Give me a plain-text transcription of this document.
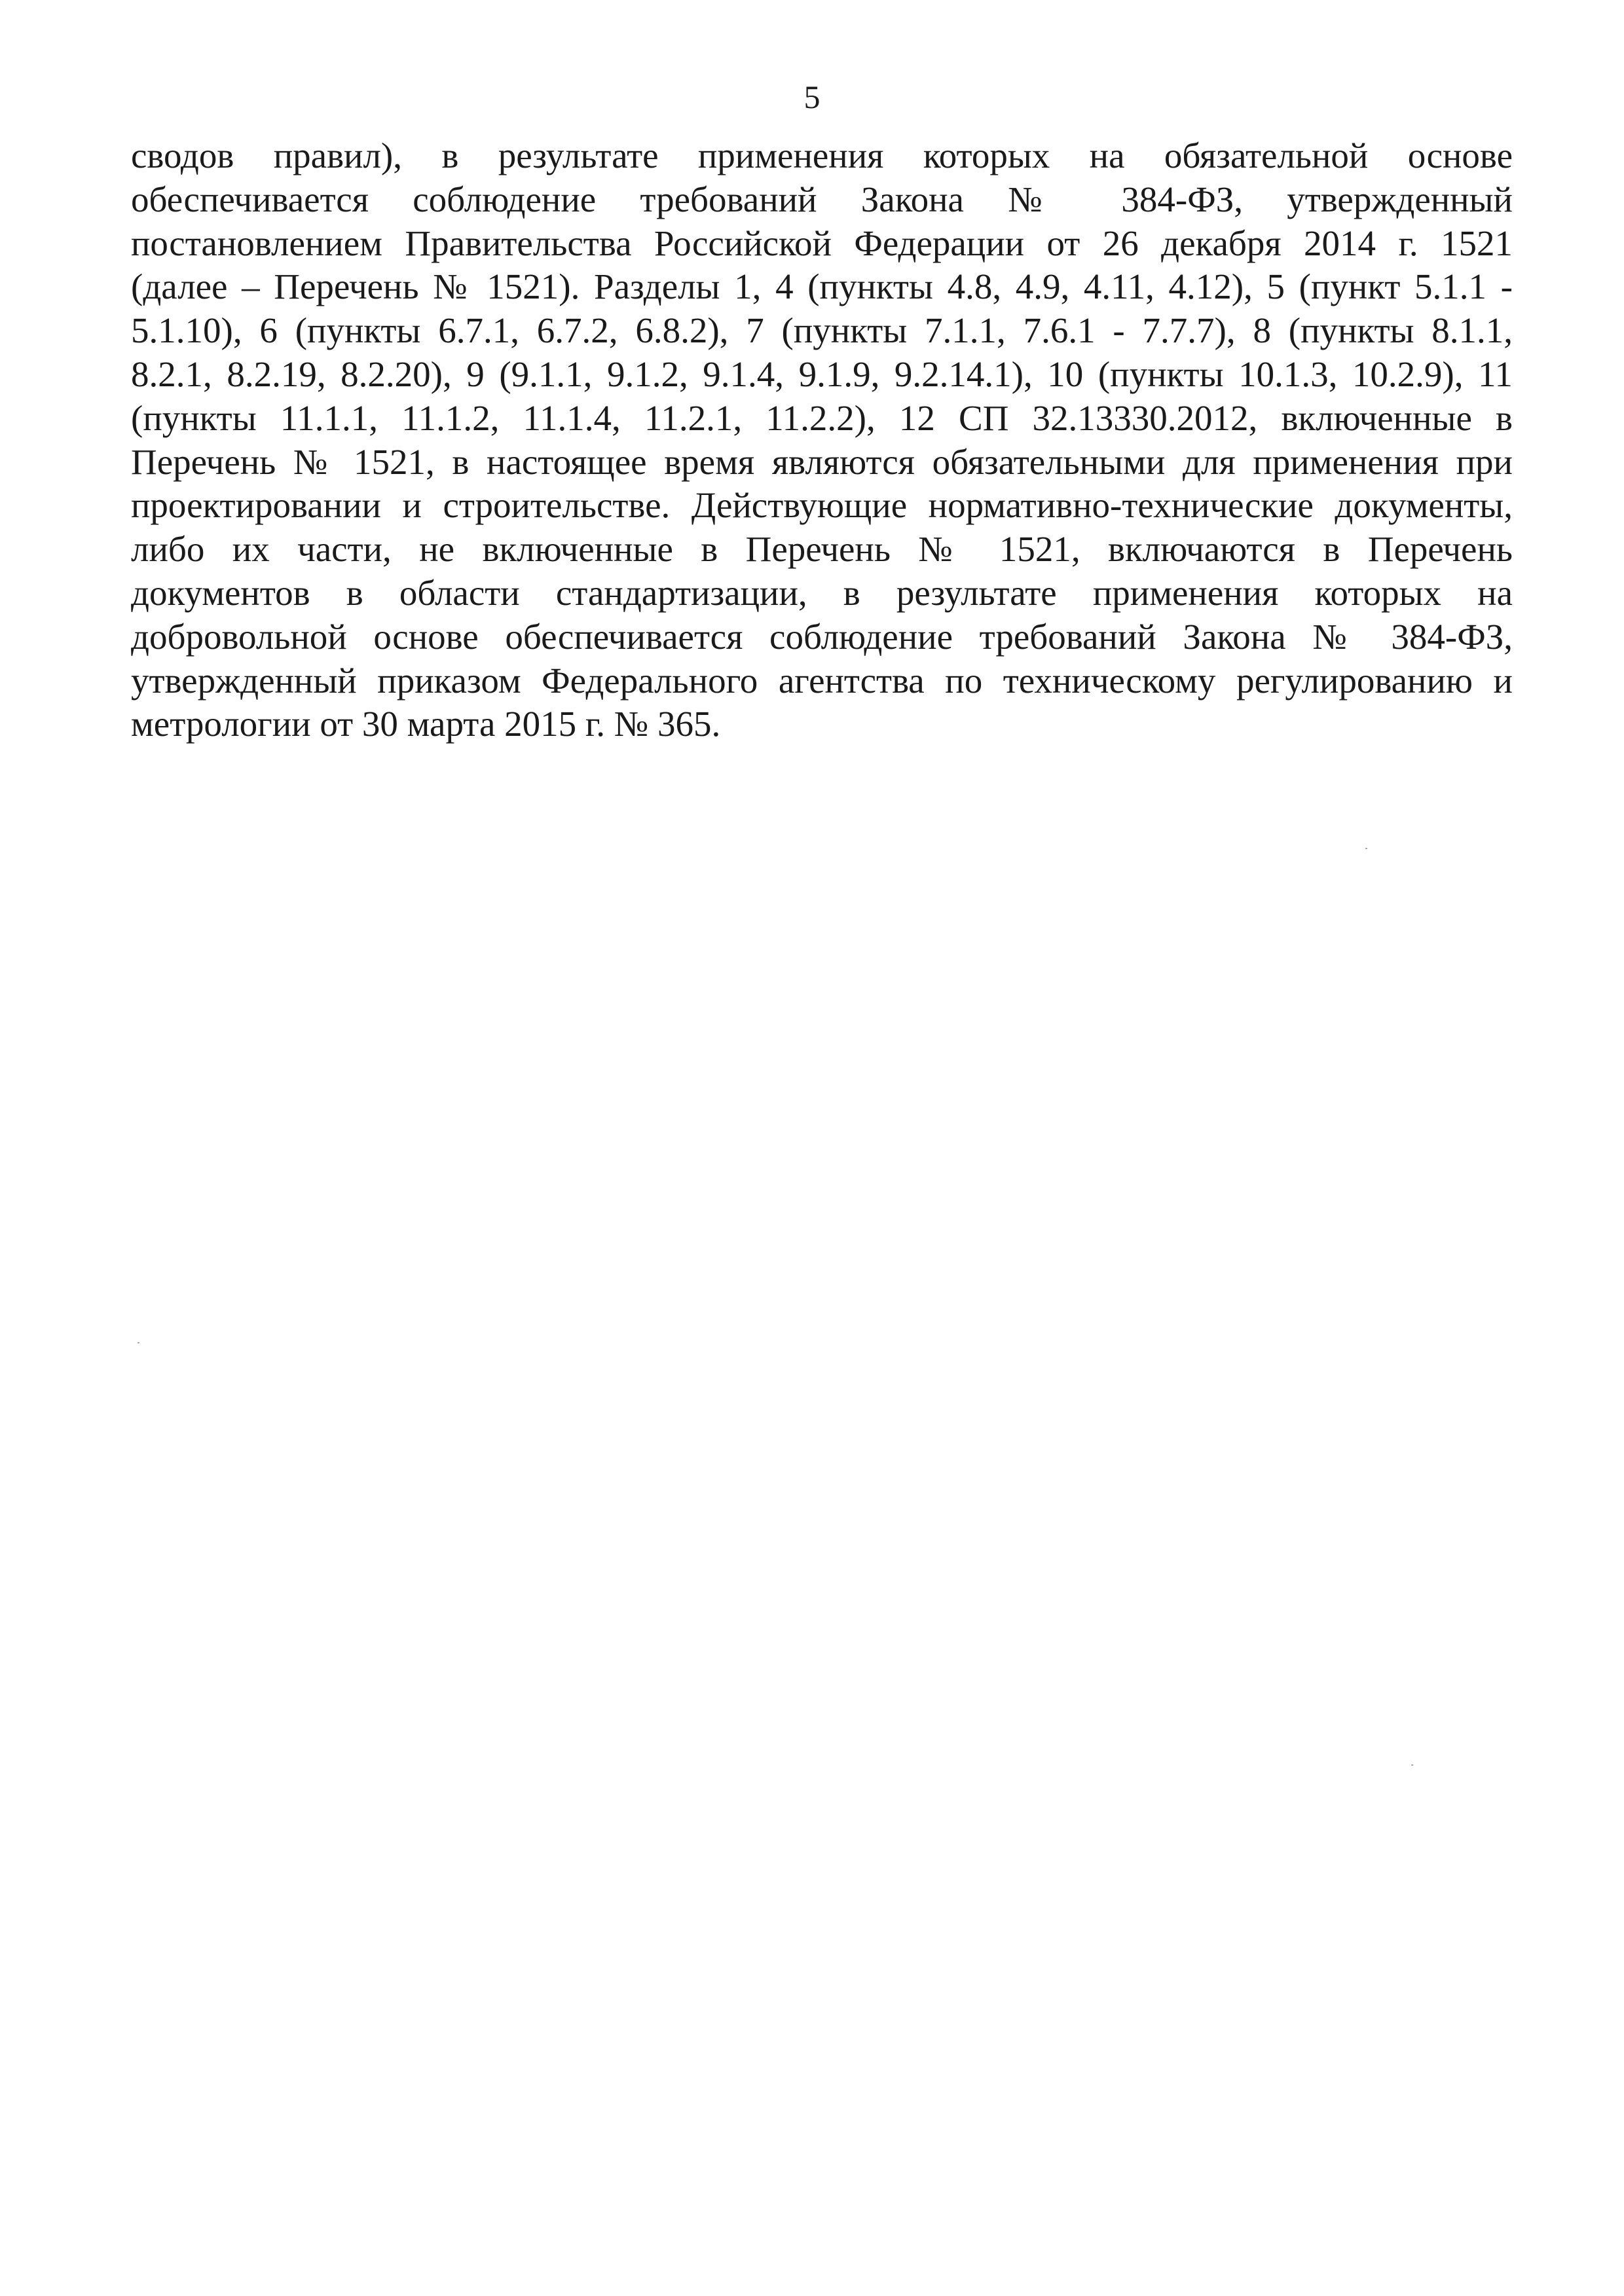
5
сводов правил), в результате применения которых на обязательной основе
обеспечивается соблюдение требований Закона № 384-ФЗ, утвержденный
постановлением Правительства Российской Федерации от 26 декабря 2014 г. 1521
(далее – Перечень № 1521). Разделы 1, 4 (пункты 4.8, 4.9, 4.11, 4.12), 5 (пункт 5.1.1 -
5.1.10), 6 (пункты 6.7.1, 6.7.2, 6.8.2), 7 (пункты 7.1.1, 7.6.1 - 7.7.7), 8 (пункты 8.1.1,
8.2.1, 8.2.19, 8.2.20), 9 (9.1.1, 9.1.2, 9.1.4, 9.1.9, 9.2.14.1), 10 (пункты 10.1.3, 10.2.9), 11
(пункты 11.1.1, 11.1.2, 11.1.4, 11.2.1, 11.2.2), 12 СП 32.13330.2012, включенные в
Перечень № 1521, в настоящее время являются обязательными для применения при
проектировании и строительстве. Действующие нормативно-технические документы,
либо их части, не включенные в Перечень № 1521, включаются в Перечень
документов в области стандартизации, в результате применения которых на
добровольной основе обеспечивается соблюдение требований Закона № 384-ФЗ,
утвержденный приказом Федерального агентства по техническому регулированию и
метрологии от 30 марта 2015 г. № 365.
